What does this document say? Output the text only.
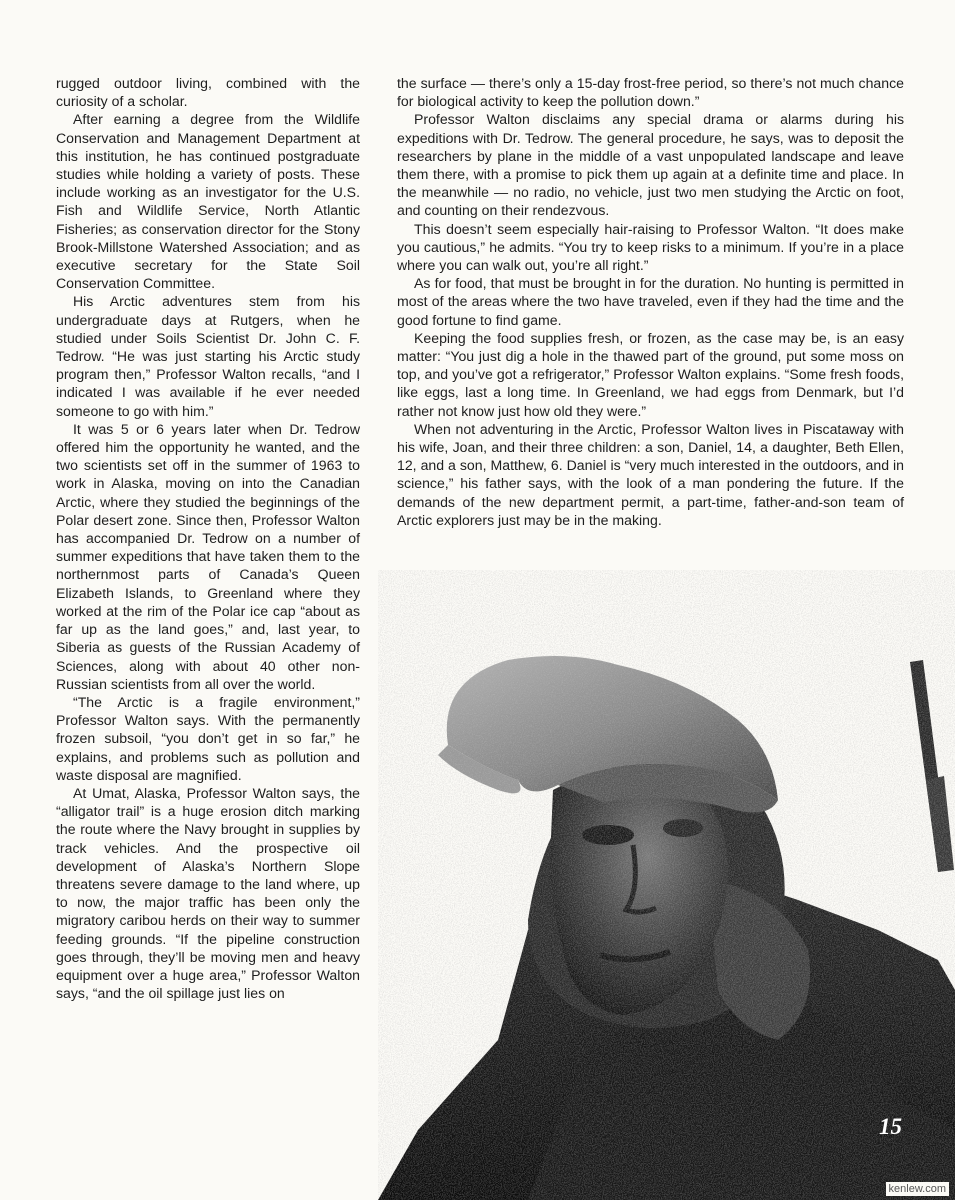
rugged outdoor living, combined with the curiosity of a scholar.

After earning a degree from the Wildlife Conservation and Management Department at this institution, he has continued postgraduate studies while holding a variety of posts. These include working as an investigator for the U.S. Fish and Wildlife Service, North Atlantic Fisheries; as conservation director for the Stony Brook-Millstone Watershed Association; and as executive secretary for the State Soil Conservation Committee.

His Arctic adventures stem from his undergraduate days at Rutgers, when he studied under Soils Scientist Dr. John C. F. Tedrow. “He was just starting his Arctic study program then,” Professor Walton recalls, “and I indicated I was available if he ever needed someone to go with him.”

It was 5 or 6 years later when Dr. Tedrow offered him the opportunity he wanted, and the two scientists set off in the summer of 1963 to work in Alaska, moving on into the Canadian Arctic, where they studied the beginnings of the Polar desert zone. Since then, Professor Walton has accompanied Dr. Tedrow on a number of summer expeditions that have taken them to the northernmost parts of Canada’s Queen Elizabeth Islands, to Greenland where they worked at the rim of the Polar ice cap “about as far up as the land goes,” and, last year, to Siberia as guests of the Russian Academy of Sciences, along with about 40 other non-Russian scientists from all over the world.

“The Arctic is a fragile environment,” Professor Walton says. With the permanently frozen subsoil, “you don’t get in so far,” he explains, and problems such as pollution and waste disposal are magnified.

At Umat, Alaska, Professor Walton says, the “alligator trail” is a huge erosion ditch marking the route where the Navy brought in supplies by track vehicles. And the prospective oil development of Alaska’s Northern Slope threatens severe damage to the land where, up to now, the major traffic has been only the migratory caribou herds on their way to summer feeding grounds. “If the pipeline construction goes through, they’ll be moving men and heavy equipment over a huge area,” Professor Walton says, “and the oil spillage just lies on

the surface — there’s only a 15-day frost-free period, so there’s not much chance for biological activity to keep the pollution down.”

Professor Walton disclaims any special drama or alarms during his expeditions with Dr. Tedrow. The general procedure, he says, was to deposit the researchers by plane in the middle of a vast unpopulated landscape and leave them there, with a promise to pick them up again at a definite time and place. In the meanwhile — no radio, no vehicle, just two men studying the Arctic on foot, and counting on their rendezvous.

This doesn’t seem especially hair-raising to Professor Walton. “It does make you cautious,” he admits. “You try to keep risks to a minimum. If you’re in a place where you can walk out, you’re all right.”

As for food, that must be brought in for the duration. No hunting is permitted in most of the areas where the two have traveled, even if they had the time and the good fortune to find game.

Keeping the food supplies fresh, or frozen, as the case may be, is an easy matter: “You just dig a hole in the thawed part of the ground, put some moss on top, and you’ve got a refrigerator,” Professor Walton explains. “Some fresh foods, like eggs, last a long time. In Greenland, we had eggs from Denmark, but I’d rather not know just how old they were.”

When not adventuring in the Arctic, Professor Walton lives in Piscataway with his wife, Joan, and their three children: a son, Daniel, 14, a daughter, Beth Ellen, 12, and a son, Matthew, 6. Daniel is “very much interested in the outdoors, and in science,” his father says, with the look of a man pondering the future. If the demands of the new department permit, a part-time, father-and-son team of Arctic explorers just may be in the making.

15
kenlew.com
